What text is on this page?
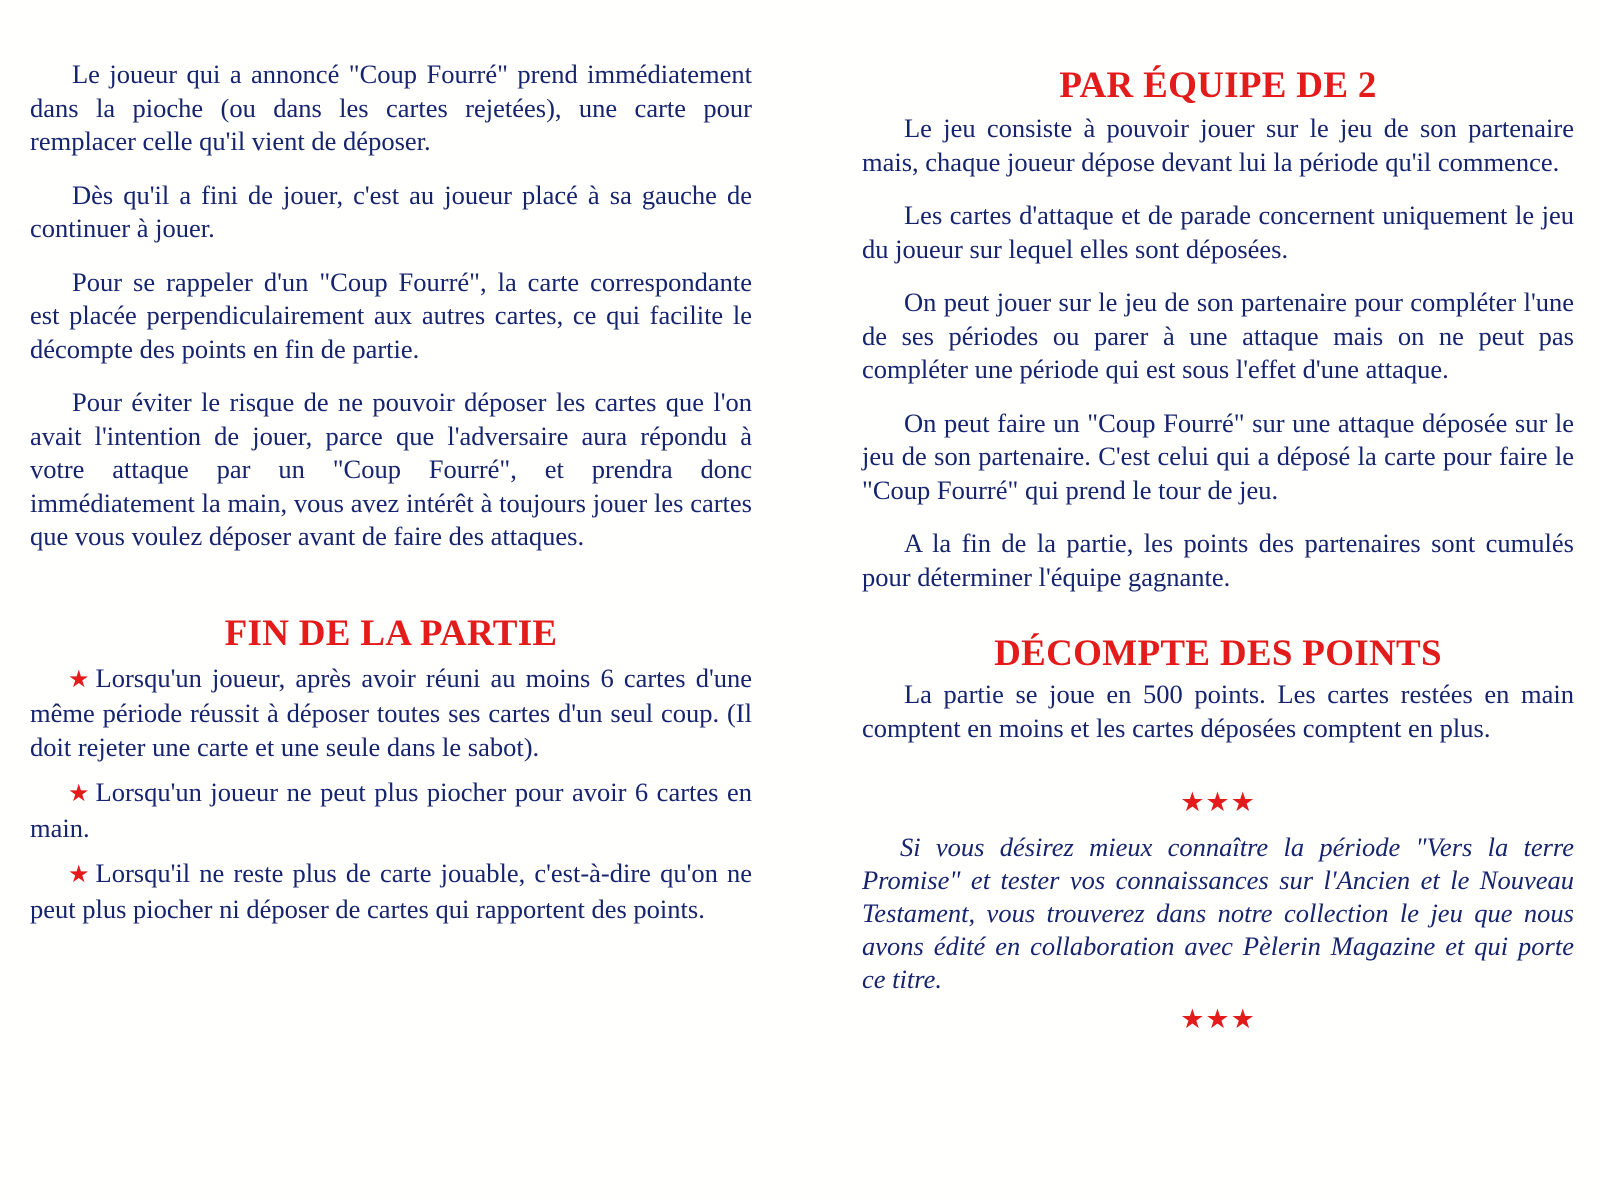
Le joueur qui a annoncé "Coup Fourré" prend immédiatement dans la pioche (ou dans les cartes rejetées), une carte pour remplacer celle qu'il vient de déposer.

Dès qu'il a fini de jouer, c'est au joueur placé à sa gauche de continuer à jouer.

Pour se rappeler d'un "Coup Fourré", la carte correspondante est placée perpendiculairement aux autres cartes, ce qui facilite le décompte des points en fin de partie.

Pour éviter le risque de ne pouvoir déposer les cartes que l'on avait l'intention de jouer, parce que l'adversaire aura répondu à votre attaque par un "Coup Fourré", et prendra donc immédiatement la main, vous avez intérêt à toujours jouer les cartes que vous voulez déposer avant de faire des attaques.

FIN DE LA PARTIE

★ Lorsqu'un joueur, après avoir réuni au moins 6 cartes d'une même période réussit à déposer toutes ses cartes d'un seul coup. (Il doit rejeter une carte et une seule dans le sabot).

★ Lorsqu'un joueur ne peut plus piocher pour avoir 6 cartes en main.

★ Lorsqu'il ne reste plus de carte jouable, c'est-à-dire qu'on ne peut plus piocher ni déposer de cartes qui rapportent des points.

PAR ÉQUIPE DE 2

Le jeu consiste à pouvoir jouer sur le jeu de son partenaire mais, chaque joueur dépose devant lui la période qu'il commence.

Les cartes d'attaque et de parade concernent uniquement le jeu du joueur sur lequel elles sont déposées.

On peut jouer sur le jeu de son partenaire pour compléter l'une de ses périodes ou parer à une attaque mais on ne peut pas compléter une période qui est sous l'effet d'une attaque.

On peut faire un "Coup Fourré" sur une attaque déposée sur le jeu de son partenaire. C'est celui qui a déposé la carte pour faire le "Coup Fourré" qui prend le tour de jeu.

A la fin de la partie, les points des partenaires sont cumulés pour déterminer l'équipe gagnante.

DÉCOMPTE DES POINTS

La partie se joue en 500 points. Les cartes restées en main comptent en moins et les cartes déposées comptent en plus.

★★★

Si vous désirez mieux connaître la période "Vers la terre Promise" et tester vos connaissances sur l'Ancien et le Nouveau Testament, vous trouverez dans notre collection le jeu que nous avons édité en collaboration avec Pèlerin Magazine et qui porte ce titre.

★★★
